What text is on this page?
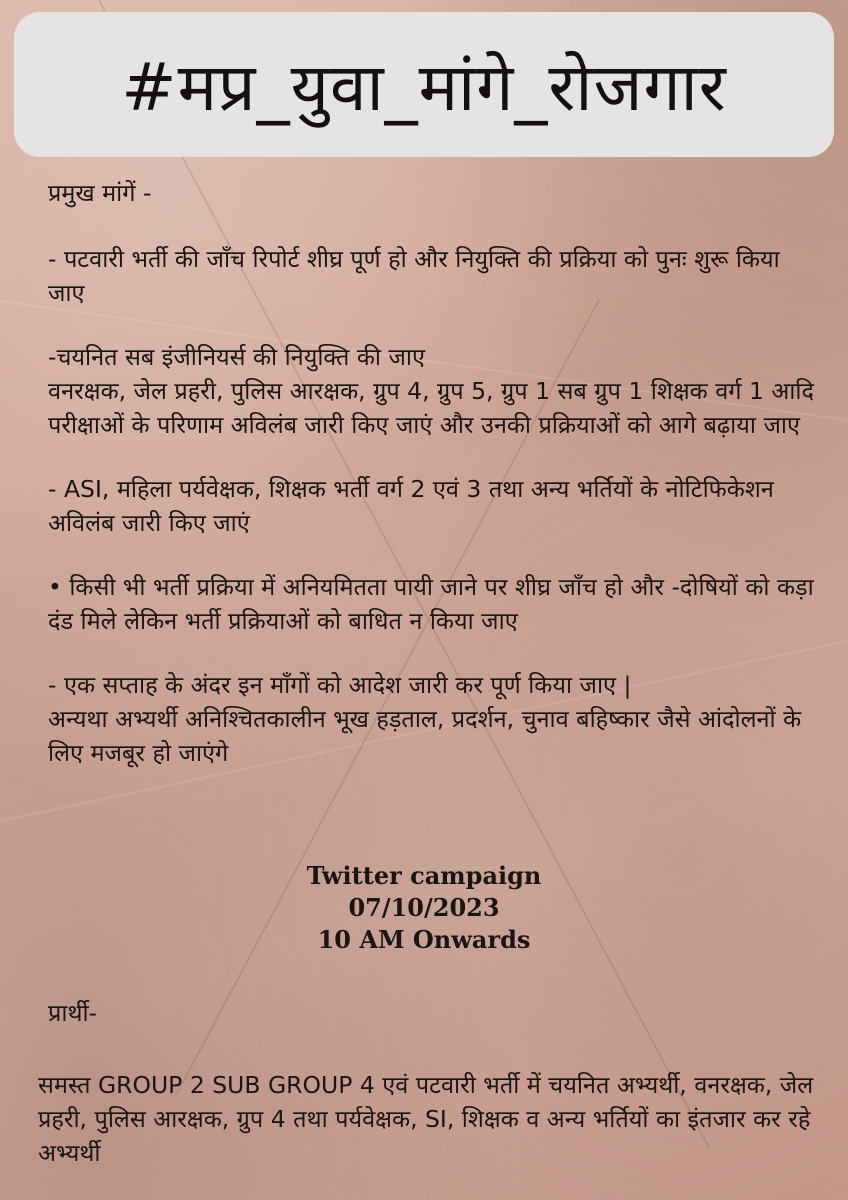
#मप्र_युवा_मांगे_रोजगार

प्रमुख मांगें -

- पटवारी भर्ती की जाँच रिपोर्ट शीघ्र पूर्ण हो और नियुक्ति की प्रक्रिया को पुनः शुरू किया जाए

-चयनित सब इंजीनियर्स की नियुक्ति की जाए

वनरक्षक, जेल प्रहरी, पुलिस आरक्षक, ग्रुप 4, ग्रुप 5, ग्रुप 1 सब ग्रुप 1 शिक्षक वर्ग 1 आदि परीक्षाओं के परिणाम अविलंब जारी किए जाएं और उनकी प्रक्रियाओं को आगे बढ़ाया जाए

- ASI, महिला पर्यवेक्षक, शिक्षक भर्ती वर्ग 2 एवं 3 तथा अन्य भर्तियों के नोटिफिकेशन अविलंब जारी किए जाएं

• किसी भी भर्ती प्रक्रिया में अनियमितता पायी जाने पर शीघ्र जाँच हो और -दोषियों को कड़ा दंड मिले लेकिन भर्ती प्रक्रियाओं को बाधित न किया जाए

- एक सप्ताह के अंदर इन माँगों को आदेश जारी कर पूर्ण किया जाए |

अन्यथा अभ्यर्थी अनिश्चितकालीन भूख हड़ताल, प्रदर्शन, चुनाव बहिष्कार जैसे आंदोलनों के लिए मजबूर हो जाएंगे

Twitter campaign
07/10/2023
10 AM Onwards
प्रार्थी-
समस्त GROUP 2 SUB GROUP 4 एवं पटवारी भर्ती में चयनित अभ्यर्थी, वनरक्षक, जेल प्रहरी, पुलिस आरक्षक, ग्रुप 4 तथा पर्यवेक्षक, SI, शिक्षक व अन्य भर्तियों का इंतजार कर रहे अभ्यर्थी
